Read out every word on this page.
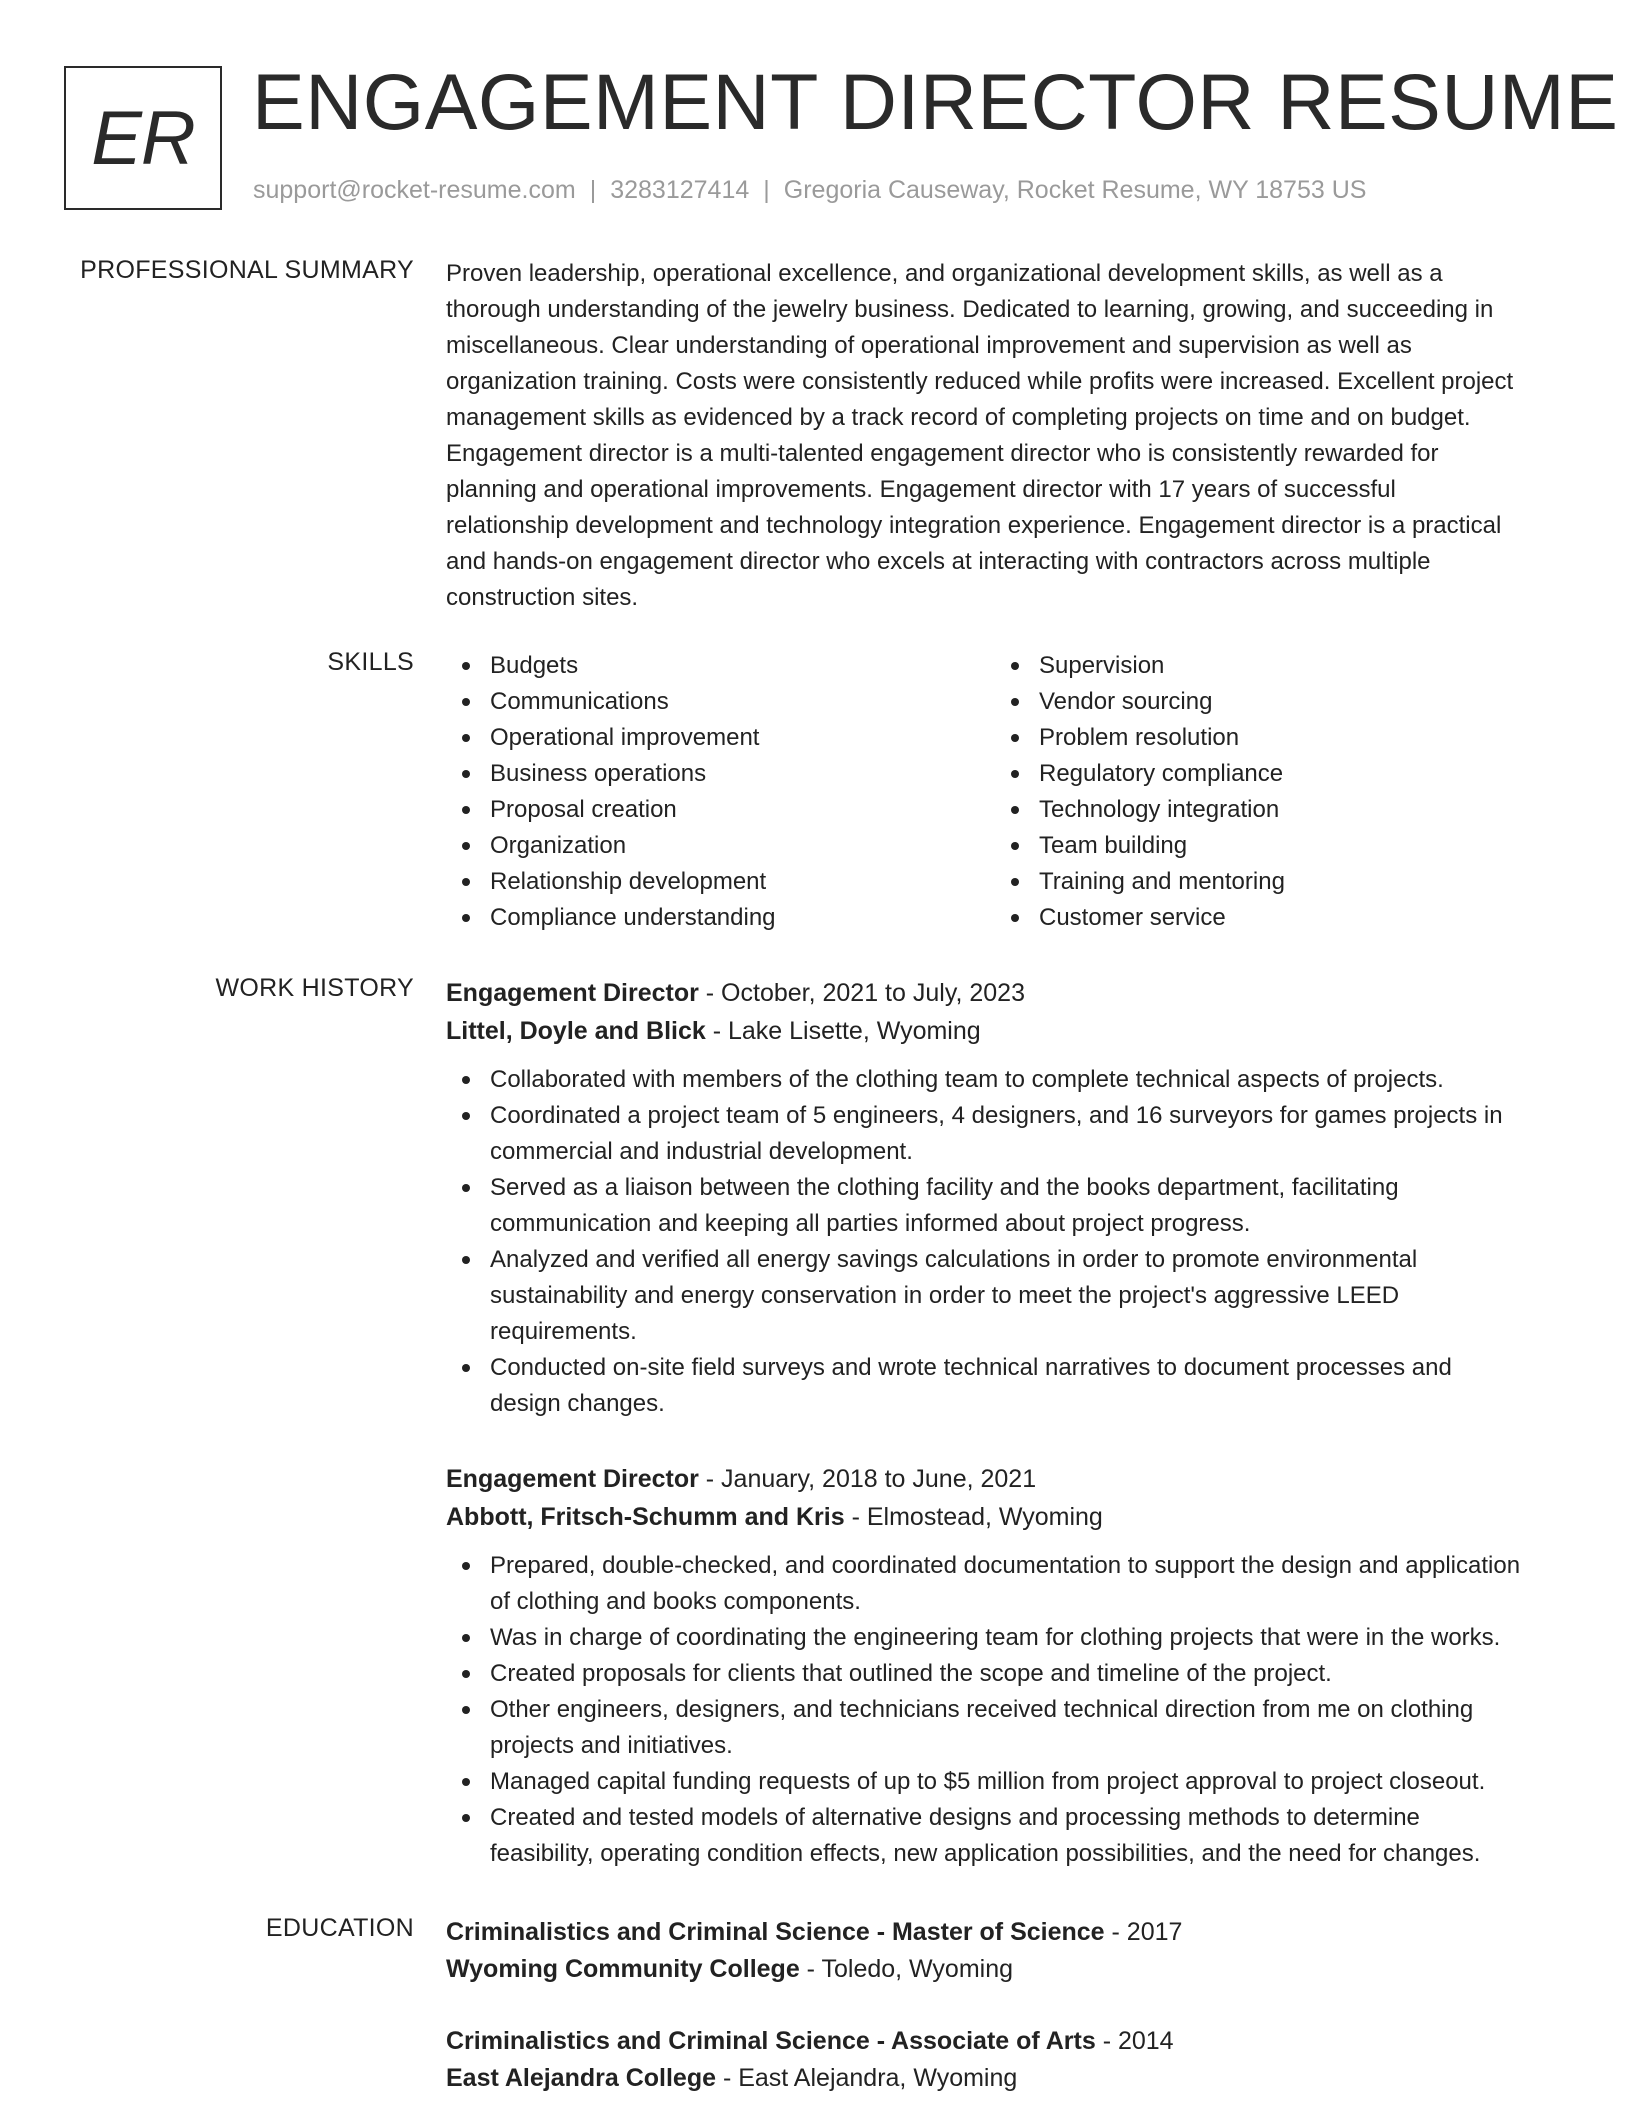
ER ENGAGEMENT DIRECTOR RESUME
support@rocket-resume.com | 3283127414 | Gregoria Causeway, Rocket Resume, WY 18753 US
PROFESSIONAL SUMMARY Proven leadership, operational excellence, and organizational development skills, as well as a
thorough understanding of the jewelry business. Dedicated to learning, growing, and succeeding in
miscellaneous. Clear understanding of operational improvement and supervision as well as
organization training. Costs were consistently reduced while profits were increased. Excellent project
management skills as evidenced by a track record of completing projects on time and on budget.
Engagement director is a multi-talented engagement director who is consistently rewarded for
planning and operational improvements. Engagement director with 17 years of successful
relationship development and technology integration experience. Engagement director is a practical
and hands-on engagement director who excels at interacting with contractors across multiple
construction sites.
SKILLS	Budgets
Communications
Operational improvement
Business operations
Proposal creation
Organization
Relationship development
Compliance understanding
Supervision
Vendor sourcing
Problem resolution
Regulatory compliance
Technology integration
Team building
Training and mentoring
Customer service
WORK HISTORY Engagement Director - October, 2021 to July, 2023
Littel, Doyle and Blick - Lake Lisette, Wyoming
Collaborated with members of the clothing team to complete technical aspects of projects.
Coordinated a project team of 5 engineers, 4 designers, and 16 surveyors for games projects in
commercial and industrial development.
Served as a liaison between the clothing facility and the books department, facilitating
communication and keeping all parties informed about project progress.
Analyzed and verified all energy savings calculations in order to promote environmental
sustainability and energy conservation in order to meet the project's aggressive LEED
requirements.
Conducted on-site field surveys and wrote technical narratives to document processes and
design changes.
Engagement Director - January, 2018 to June, 2021
Abbott, Fritsch-Schumm and Kris - Elmostead, Wyoming
Prepared, double-checked, and coordinated documentation to support the design and application
of clothing and books components.
Was in charge of coordinating the engineering team for clothing projects that were in the works.
Created proposals for clients that outlined the scope and timeline of the project.
Other engineers, designers, and technicians received technical direction from me on clothing
projects and initiatives.
Managed capital funding requests of up to $5 million from project approval to project closeout.
Created and tested models of alternative designs and processing methods to determine
feasibility, operating condition effects, new application possibilities, and the need for changes.
EDUCATION Criminalistics and Criminal Science - Master of Science - 2017
Wyoming Community College - Toledo, Wyoming
Criminalistics and Criminal Science - Associate of Arts - 2014
East Alejandra College - East Alejandra, Wyoming
